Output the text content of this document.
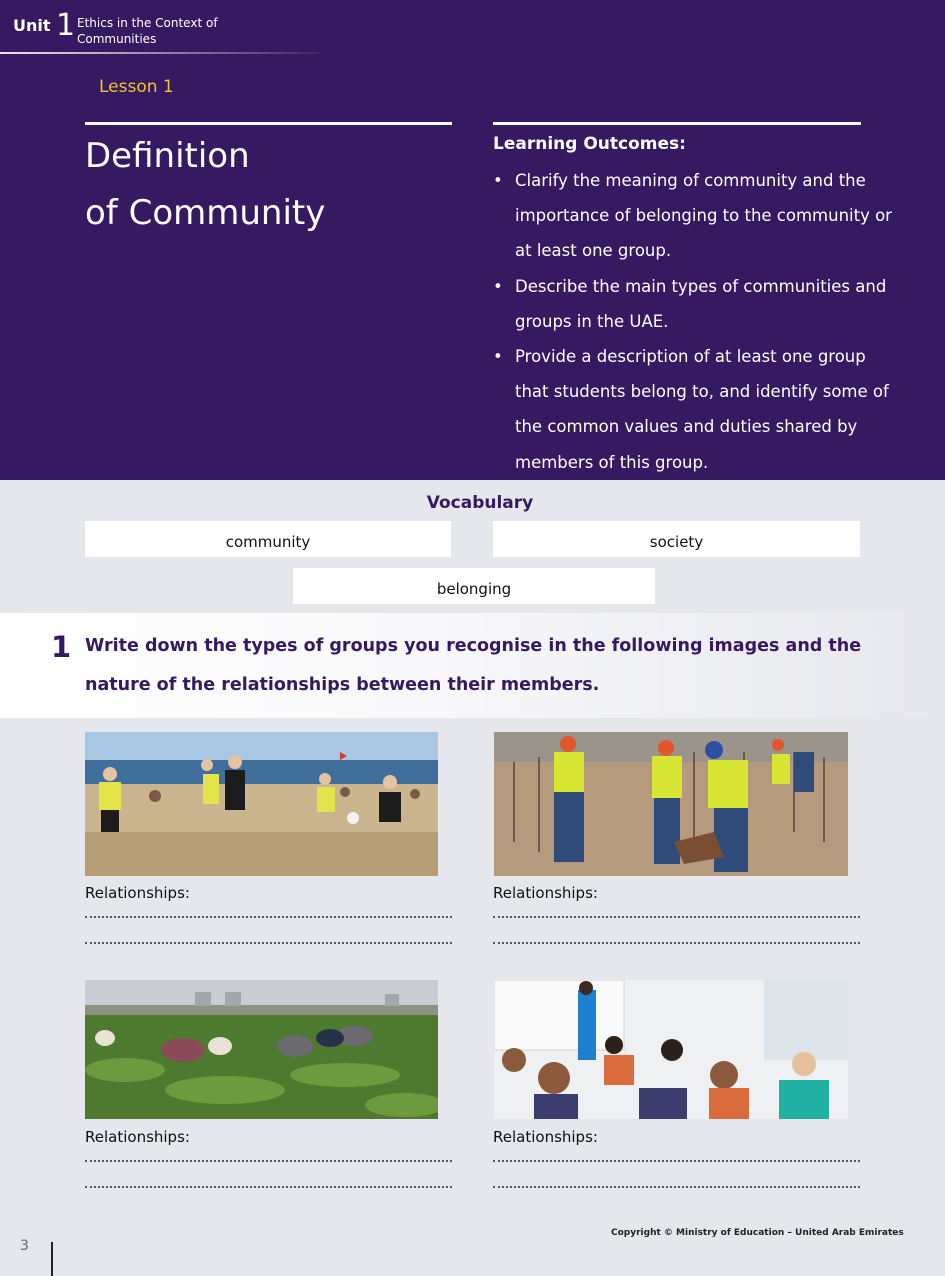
Unit 1 Ethics in the Context of Communities
Lesson 1
Definition
of Community
Learning Outcomes:
• Clarify the meaning of community and the importance of belonging to the community or at least one group.
• Describe the main types of communities and groups in the UAE.
• Provide a description of at least one group that students belong to, and identify some of the common values and duties shared by members of this group.
Vocabulary
community	society
belonging
1 Write down the types of groups you recognise in the following images and the nature of the relationships between their members.
Relationships:	Relationships:
Relationships:	Relationships:
3
Copyright © Ministry of Education – United Arab Emirates
